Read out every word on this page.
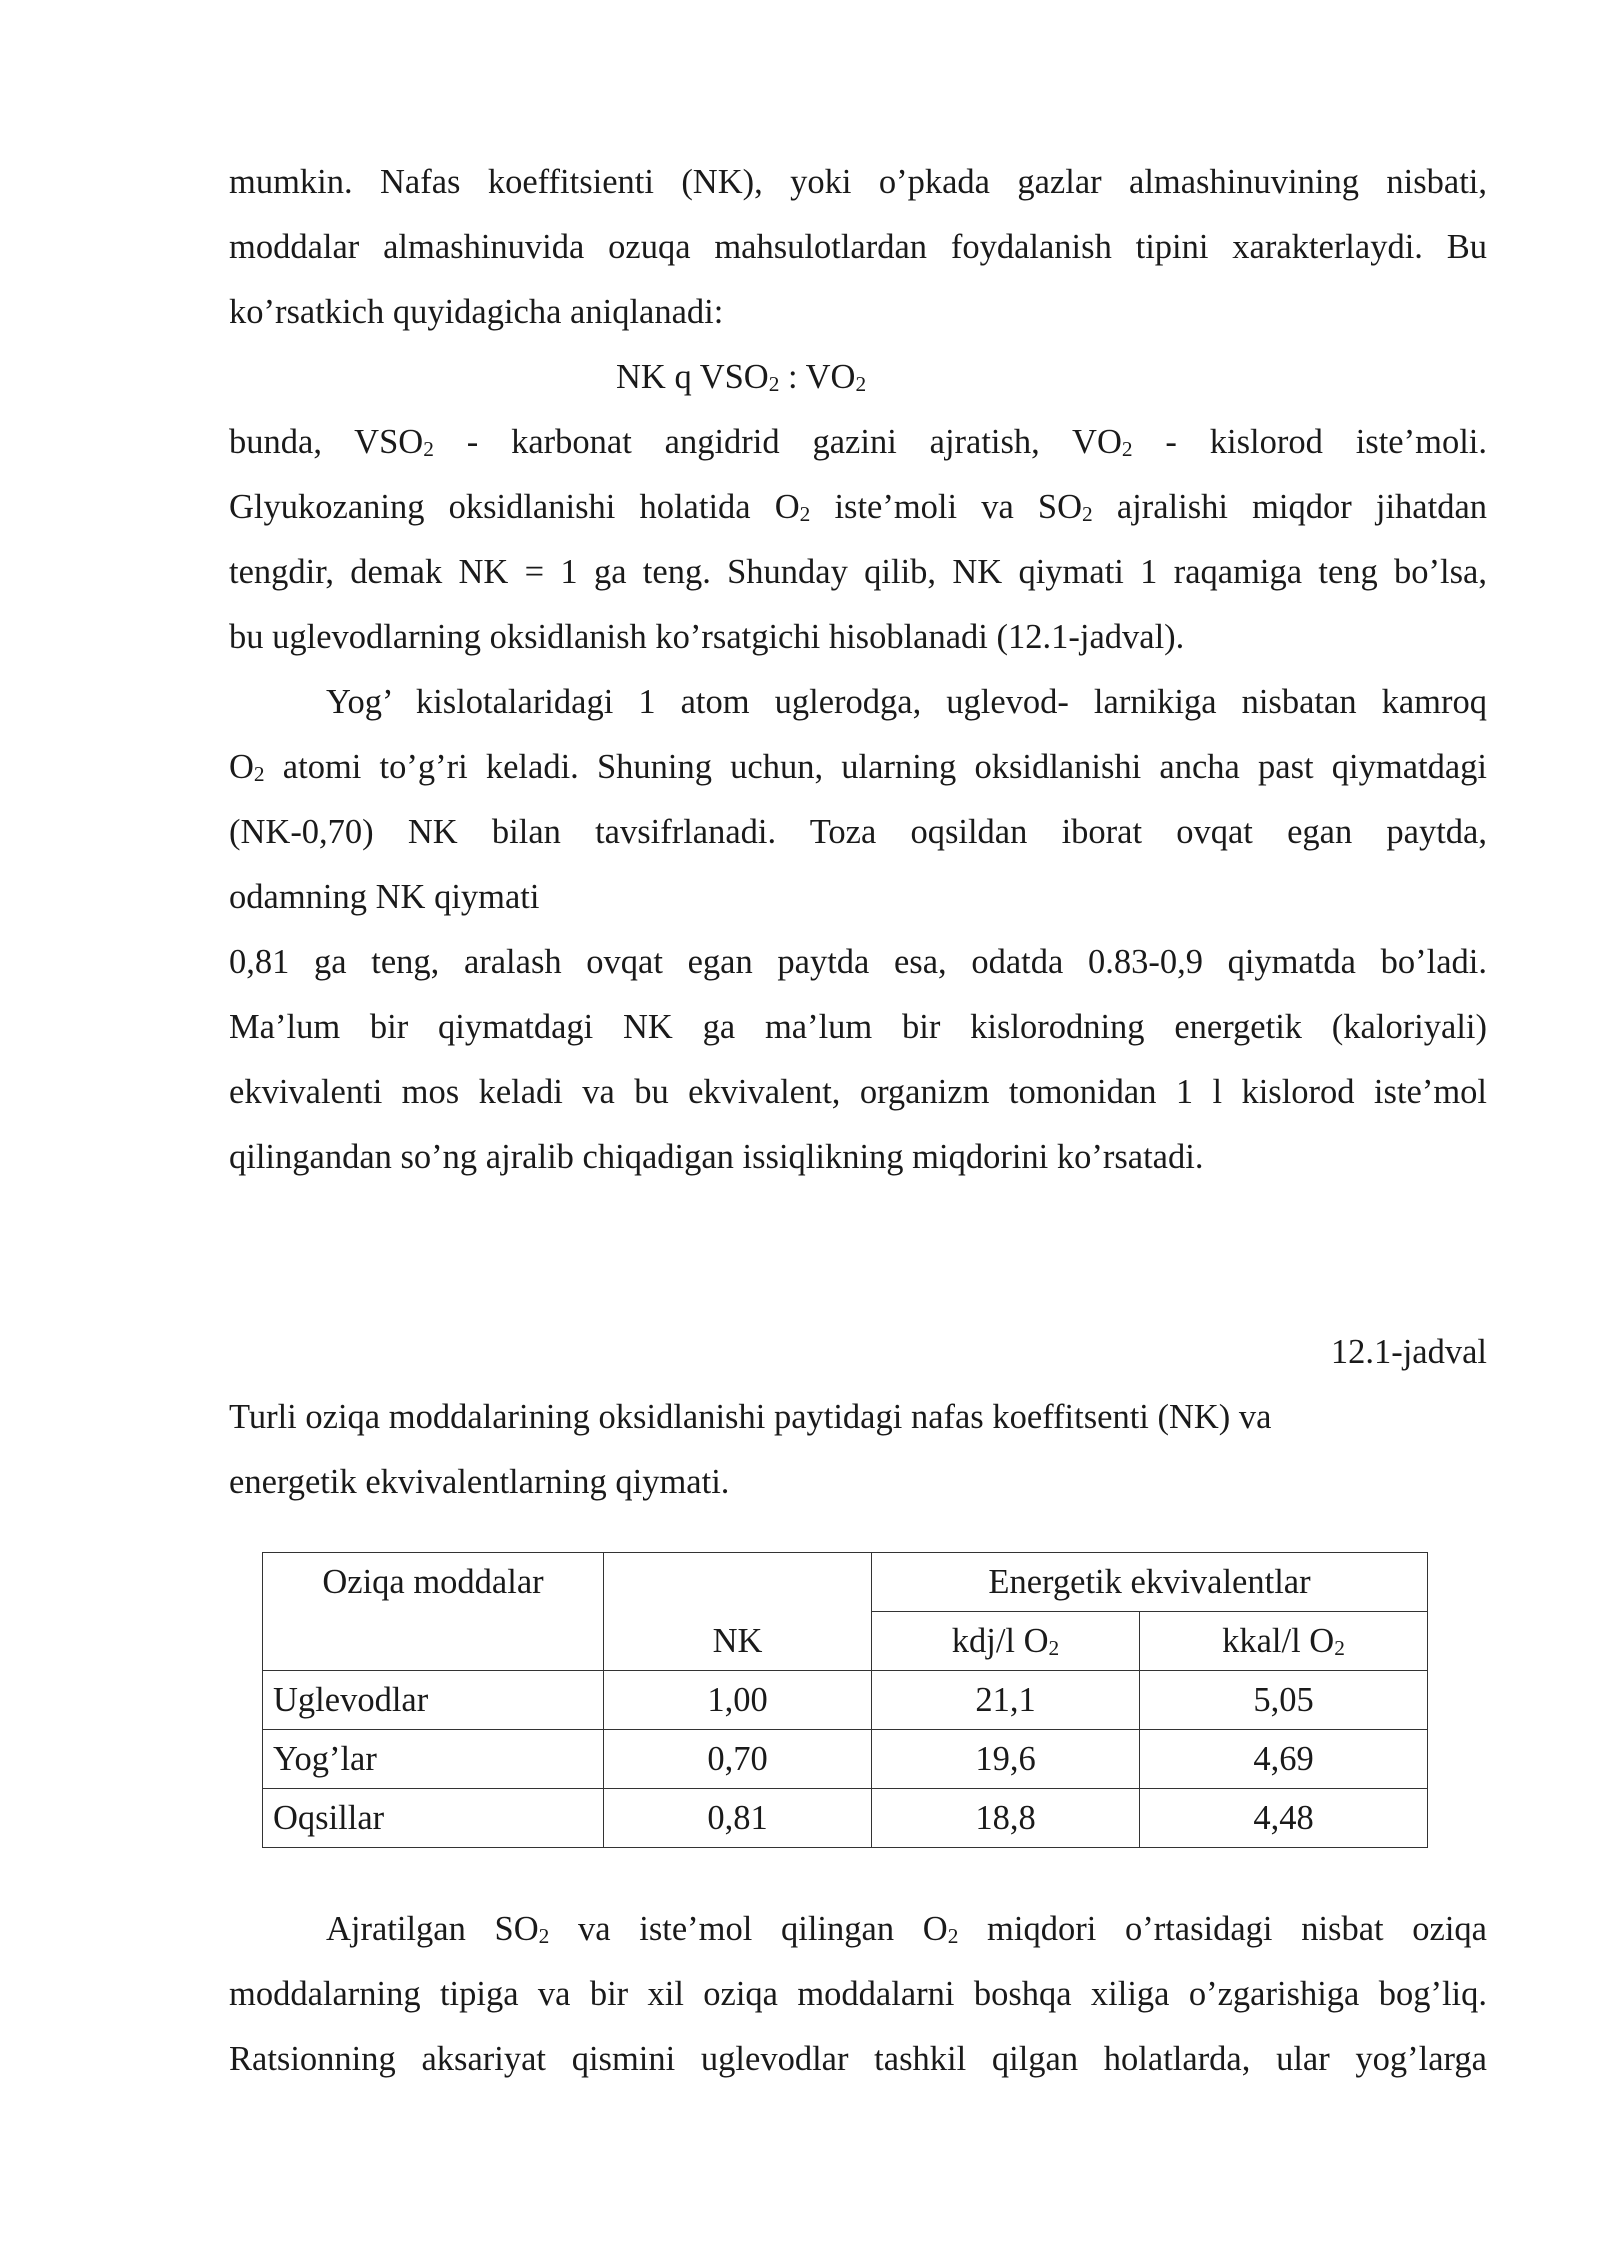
mumkin. Nafas koeffitsienti (NK), yoki o’pkada gazlar almashinuvining nisbati,
moddalar almashinuvida ozuqa mahsulotlardan foydalanish tipini xarakterlaydi. Bu
ko’rsatkich quyidagicha aniqlanadi:

NK q $VSO_2$ : $VO_2$

bunda, $VSO_2$ - karbonat angidrid gazini ajratish, $VO_2$ - kislorod iste’moli.
Glyukozaning oksidlanishi holatida $O_2$ iste’moli va $SO_2$ ajralishi miqdor jihatdan
tengdir, demak NK = 1 ga teng. Shunday qilib, NK qiymati 1 raqamiga teng bo’lsa,
bu uglevodlarning oksidlanish ko’rsatgichi hisoblanadi (12.1-jadval).

Yog’ kislotalaridagi 1 atom uglerodga, uglevod- larnikiga nisbatan kamroq
$O_2$ atomi to’g’ri keladi. Shuning uchun, ularning oksidlanishi ancha past qiymatdagi
(NK-0,70) NK bilan tavsifrlanadi. Toza oqsildan iborat ovqat egan paytda,
odamning NK qiymati

0,81 ga teng, aralash ovqat egan paytda esa, odatda 0.83-0,9 qiymatda bo’ladi.
Ma’lum bir qiymatdagi NK ga ma’lum bir kislorodning energetik (kaloriyali)
ekvivalenti mos keladi va bu ekvivalent, organizm tomonidan 1 l kislorod iste’mol
qilingandan so’ng ajralib chiqadigan issiqlikning miqdorini ko’rsatadi.

12.1-jadval

Turli oziqa moddalarining oksidlanishi paytidagi nafas koeffitsenti (NK) va
energetik ekvivalentlarning qiymati.

Oziqa moddalar	NK	Energetik ekvivalentlar	
		kdj/l $O_2$	kkal/l $O_2$
Uglevodlar	1,00	21,1	5,05
Yog’lar	0,70	19,6	4,69
Oqsillar	0,81	18,8	4,48

Ajratilgan $SO_2$ va iste’mol qilingan $O_2$ miqdori o’rtasidagi nisbat oziqa
moddalarning tipiga va bir xil oziqa moddalarni boshqa xiliga o’zgarishiga bog’liq.
Ratsionning aksariyat qismini uglevodlar tashkil qilgan holatlarda, ular yog’larga
